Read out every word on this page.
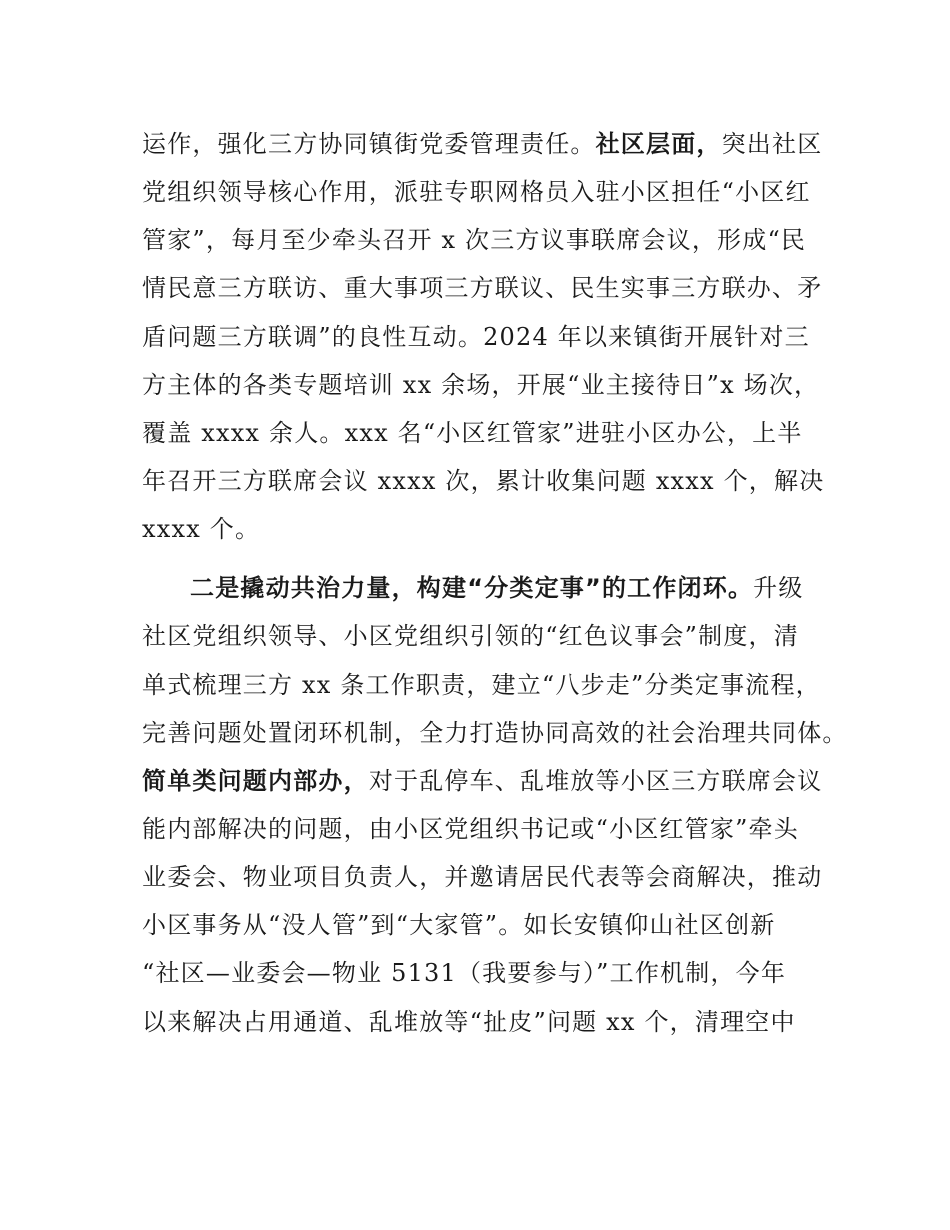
运作，强化三方协同镇街党委管理责任。社区层面，突出社区
党组织领导核心作用，派驻专职网格员入驻小区担任“小区红
管家”，每月至少牵头召开 x 次三方议事联席会议，形成“民
情民意三方联访、重大事项三方联议、民生实事三方联办、矛
盾问题三方联调”的良性互动。2024 年以来镇街开展针对三
方主体的各类专题培训 xx 余场，开展“业主接待日”x 场次，
覆盖 xxxx 余人。xxx 名“小区红管家”进驻小区办公，上半
年召开三方联席会议 xxxx 次，累计收集问题 xxxx 个，解决
xxxx 个。
二是撬动共治力量，构建“分类定事”的工作闭环。升级
社区党组织领导、小区党组织引领的“红色议事会”制度，清
单式梳理三方 xx 条工作职责，建立“八步走”分类定事流程，
完善问题处置闭环机制，全力打造协同高效的社会治理共同体。
简单类问题内部办，对于乱停车、乱堆放等小区三方联席会议
能内部解决的问题，由小区党组织书记或“小区红管家”牵头
业委会、物业项目负责人，并邀请居民代表等会商解决，推动
小区事务从“没人管”到“大家管”。如长安镇仰山社区创新
“社区—业委会—物业 5131（我要参与）”工作机制，今年
以来解决占用通道、乱堆放等“扯皮”问题 xx 个，清理空中
